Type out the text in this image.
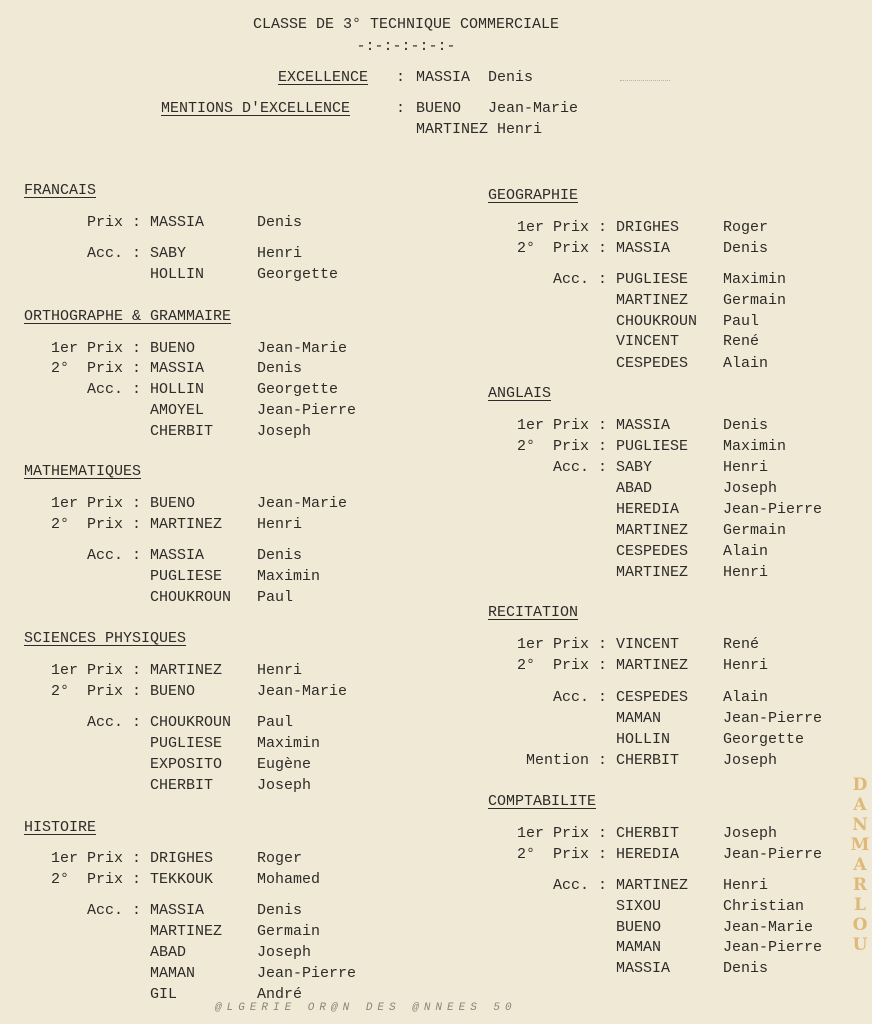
CLASSE DE 3° TECHNIQUE COMMERCIALE
-:-:-:-:-:-
EXCELLENCE : MASSIA  Denis
MENTIONS D'EXCELLENCE	: BUENO   Jean-Marie
MARTINEZ Henri
FRANCAIS
Prix : MASSIA	Denis
Acc. : SABY	Henri
HOLLIN	Georgette
ORTHOGRAPHE & GRAMMAIRE
1er Prix : BUENO	Jean-Marie
2°  Prix : MASSIA	Denis
Acc. : HOLLIN	Georgette
AMOYEL	Jean-Pierre
CHERBIT	Joseph
MATHEMATIQUES
1er Prix : BUENO	Jean-Marie
2°  Prix : MARTINEZ Henri
Acc. : MASSIA	Denis
PUGLIESE Maximin
CHOUKROUN Paul
SCIENCES PHYSIQUES
1er Prix : MARTINEZ Henri
2°  Prix : BUENO	Jean-Marie
Acc. : CHOUKROUN Paul
PUGLIESE Maximin
EXPOSITO Eugène
CHERBIT	Joseph
HISTOIRE
1er Prix : DRIGHES	Roger
2°  Prix : TEKKOUK	Mohamed
Acc. : MASSIA	Denis
MARTINEZ Germain
ABAD	Joseph
MAMAN	Jean-Pierre
GIL	André
GEOGRAPHIE
1er Prix : DRIGHES	Roger
2°  Prix : MASSIA	Denis
Acc. : PUGLIESE Maximin
MARTINEZ Germain
CHOUKROUN Paul
VINCENT	René
CESPEDES Alain
ANGLAIS
1er Prix : MASSIA	Denis
2°  Prix : PUGLIESE Maximin
Acc. : SABY	Henri
ABAD	Joseph
HEREDIA	Jean-Pierre
MARTINEZ Germain
CESPEDES Alain
MARTINEZ Henri
RECITATION
1er Prix : VINCENT	René
2°  Prix : MARTINEZ Henri
Acc. : CESPEDES Alain
MAMAN	Jean-Pierre
HOLLIN	Georgette
Mention : CHERBIT	Joseph
COMPTABILITE
1er Prix : CHERBIT	Joseph
2°  Prix : HEREDIA	Jean-Pierre
Acc. : MARTINEZ Henri
SIXOU	Christian
BUENO	Jean-Marie
MAMAN	Jean-Pierre
MASSIA	Denis
DANMARLOU
@LGERIE OR@N DES @NNEES 50
